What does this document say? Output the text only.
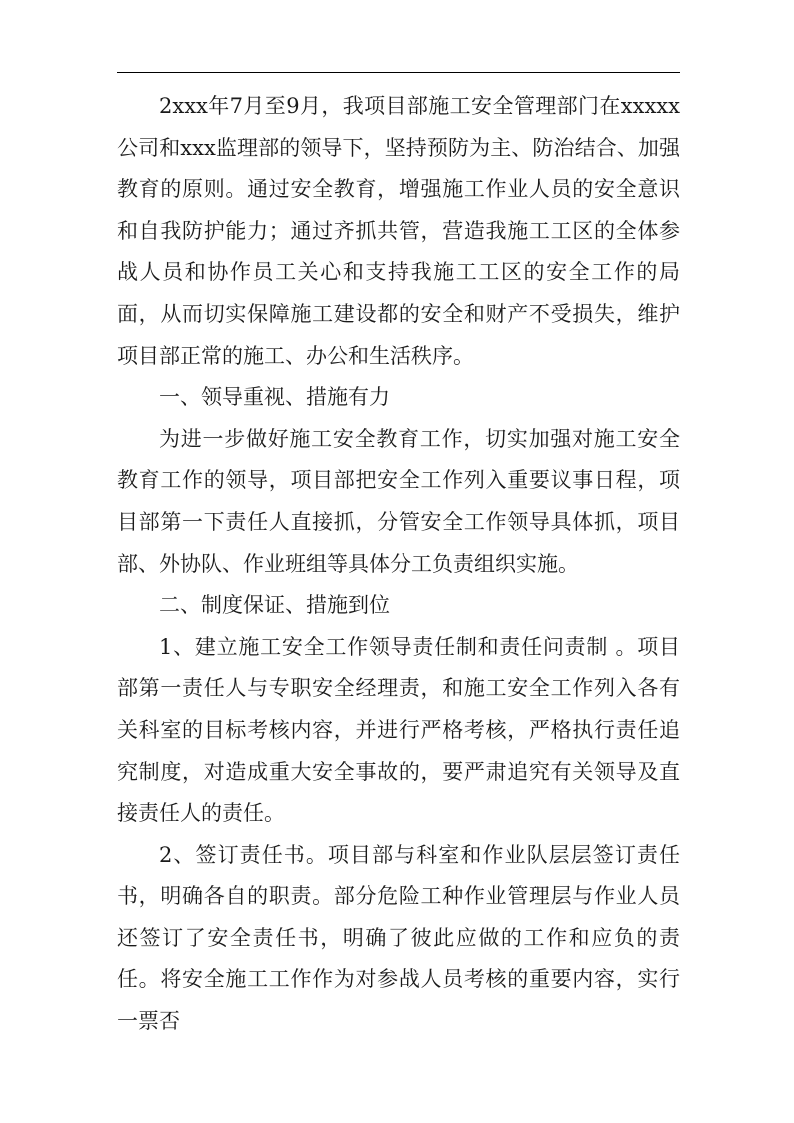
2xxx年7月至9月，我项目部施工安全管理部门在xxxxx公司和xxx监理部的领导下，坚持预防为主、防治结合、加强教育的原则。通过安全教育，增强施工作业人员的安全意识和自我防护能力；通过齐抓共管，营造我施工工区的全体参战人员和协作员工关心和支持我施工工区的安全工作的局面，从而切实保障施工建设都的安全和财产不受损失，维护项目部正常的施工、办公和生活秩序。

一、领导重视、措施有力

为进一步做好施工安全教育工作，切实加强对施工安全教育工作的领导，项目部把安全工作列入重要议事日程，项目部第一下责任人直接抓，分管安全工作领导具体抓，项目部、外协队、作业班组等具体分工负责组织实施。

二、制度保证、措施到位

1、建立施工安全工作领导责任制和责任问责制 。项目部第一责任人与专职安全经理责，和施工安全工作列入各有关科室的目标考核内容，并进行严格考核，严格执行责任追究制度，对造成重大安全事故的，要严肃追究有关领导及直接责任人的责任。

2、签订责任书。项目部与科室和作业队层层签订责任书，明确各自的职责。部分危险工种作业管理层与作业人员还签订了安全责任书，明确了彼此应做的工作和应负的责任。将安全施工工作作为对参战人员考核的重要内容，实行一票否
